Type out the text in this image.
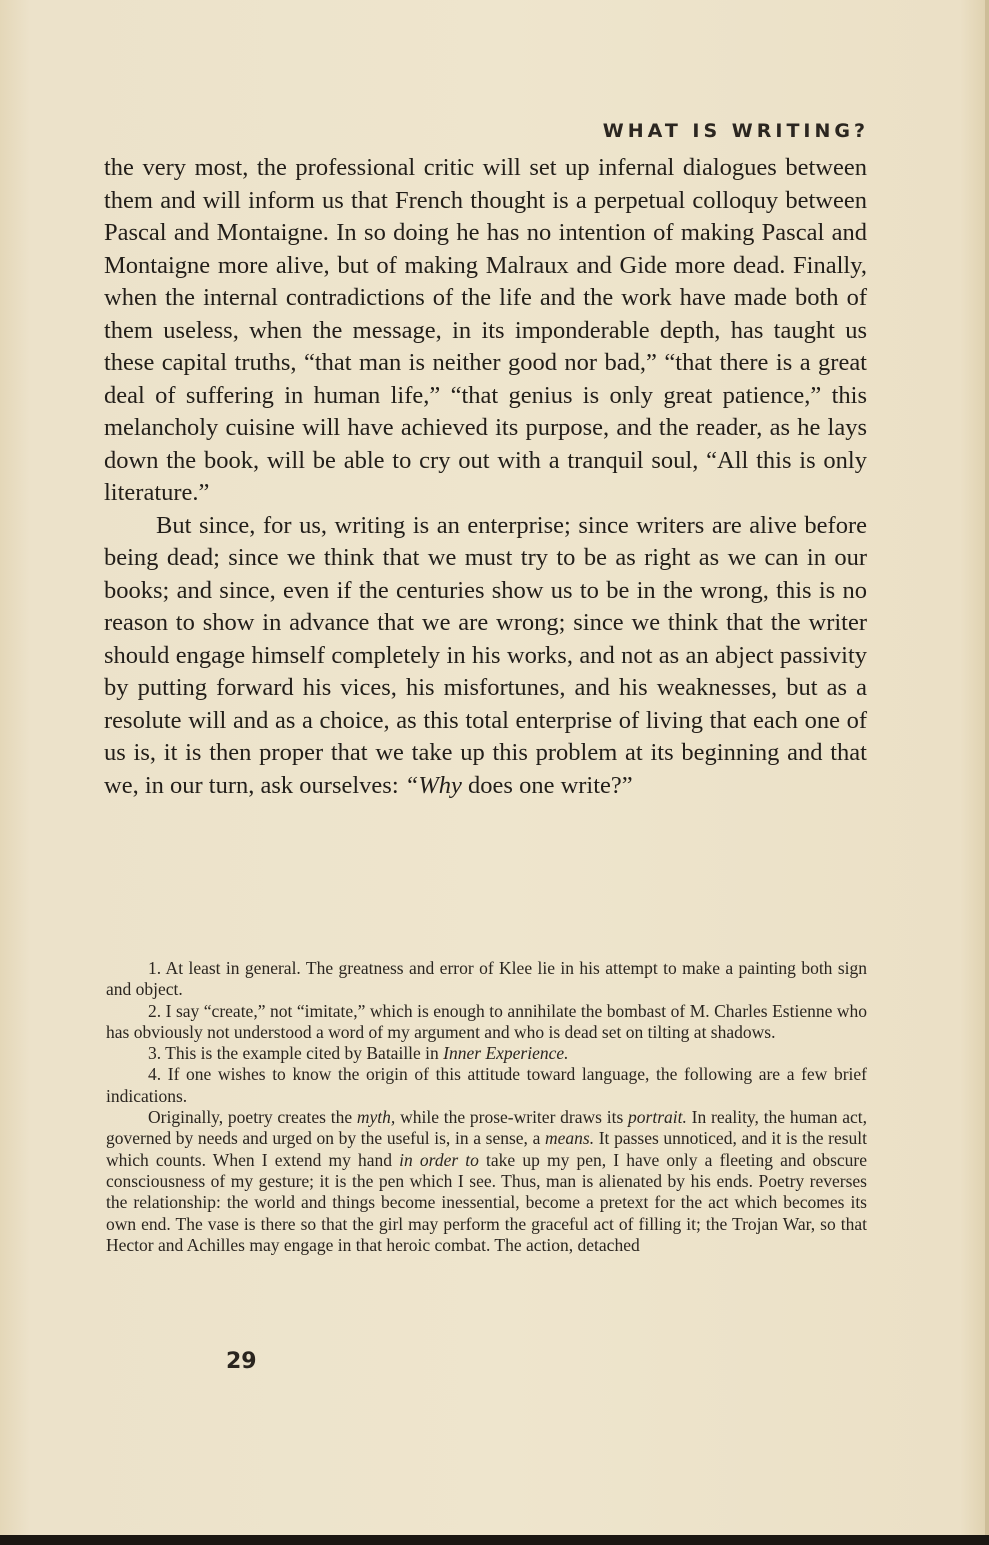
WHAT IS WRITING?

the very most, the professional critic will set up infernal dialogues between them and will inform us that French thought is a perpetual colloquy between Pascal and Montaigne. In so doing he has no intention of making Pascal and Montaigne more alive, but of making Malraux and Gide more dead. Finally, when the internal contradictions of the life and the work have made both of them useless, when the message, in its imponderable depth, has taught us these capital truths, “that man is neither good nor bad,” “that there is a great deal of suffering in human life,” “that genius is only great patience,” this melancholy cuisine will have achieved its purpose, and the reader, as he lays down the book, will be able to cry out with a tranquil soul, “All this is only literature.”

But since, for us, writing is an enterprise; since writers are alive before being dead; since we think that we must try to be as right as we can in our books; and since, even if the centuries show us to be in the wrong, this is no reason to show in advance that we are wrong; since we think that the writer should engage himself completely in his works, and not as an abject passivity by putting forward his vices, his misfortunes, and his weaknesses, but as a resolute will and as a choice, as this total enterprise of living that each one of us is, it is then proper that we take up this problem at its beginning and that we, in our turn, ask ourselves: “Why does one write?”

1. At least in general. The greatness and error of Klee lie in his attempt to make a painting both sign and object.

2. I say “create,” not “imitate,” which is enough to annihilate the bombast of M. Charles Estienne who has obviously not understood a word of my argument and who is dead set on tilting at shadows.

3. This is the example cited by Bataille in Inner Experience.

4. If one wishes to know the origin of this attitude toward language, the following are a few brief indications.

Originally, poetry creates the myth, while the prose-writer draws its portrait. In reality, the human act, governed by needs and urged on by the useful is, in a sense, a means. It passes unnoticed, and it is the result which counts. When I extend my hand in order to take up my pen, I have only a fleeting and obscure consciousness of my gesture; it is the pen which I see. Thus, man is alienated by his ends. Poetry reverses the relationship: the world and things become inessential, become a pretext for the act which becomes its own end. The vase is there so that the girl may perform the graceful act of filling it; the Trojan War, so that Hector and Achilles may engage in that heroic combat. The action, detached

29
